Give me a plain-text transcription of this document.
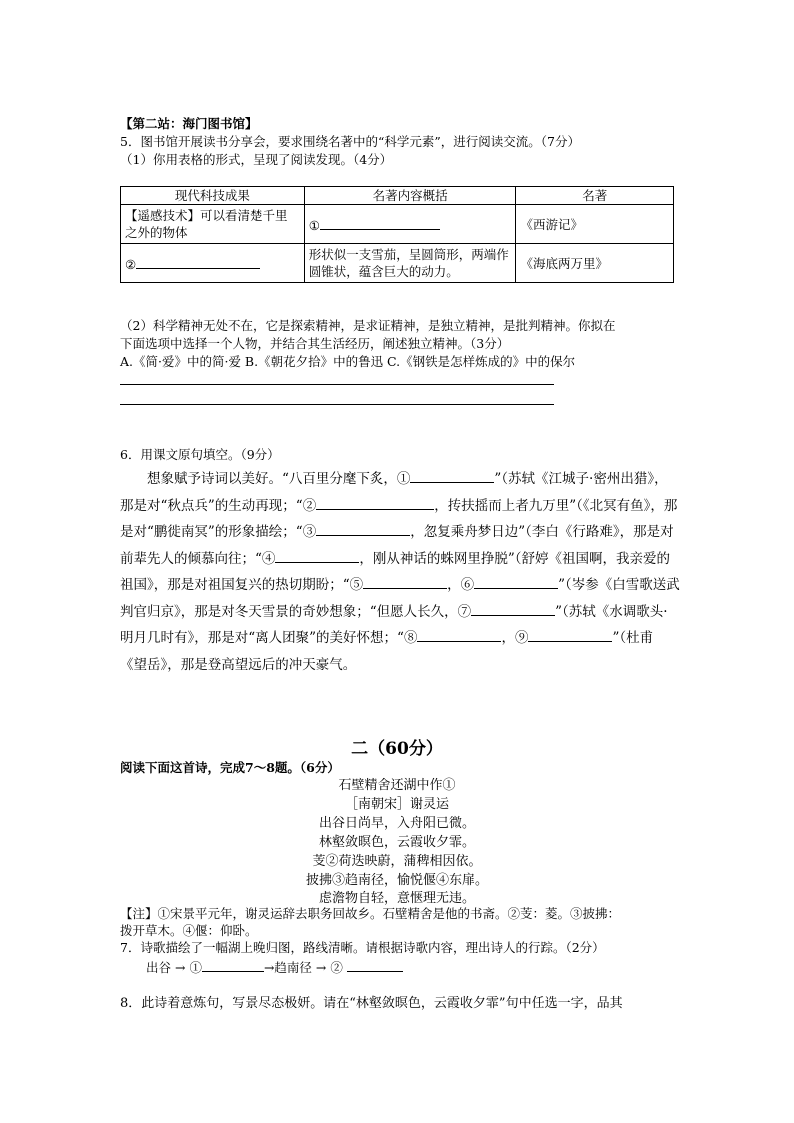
【第二站：海门图书馆】
5．图书馆开展读书分享会，要求围绕名著中的“科学元素”，进行阅读交流。（7分）
（1）你用表格的形式，呈现了阅读发现。（4分）
现代科技成果	名著内容概括	名著
【遥感技术】可以看清楚千里之外的物体	①	《西游记》
②	形状似一支雪茄，呈圆筒形，两端作圆锥状，蕴含巨大的动力。	《海底两万里》
（2）科学精神无处不在，它是探索精神，是求证精神，是独立精神，是批判精神。你拟在
下面选项中选择一个人物，并结合其生活经历，阐述独立精神。（3分）
A.《简·爱》中的简·爱 B.《朝花夕拾》中的鲁迅 C.《钢铁是怎样炼成的》中的保尔
6．用课文原句填空。（9分）
想象赋予诗词以美好。“八百里分麾下炙，①	”（苏轼《江城子·密州出猎》，那是对“秋点兵”的生动再现；“②	，抟扶摇而上者九万里”（《北冥有鱼》，那是对“鹏徙南冥”的形象描绘；“③	，忽复乘舟梦日边”（李白《行路难》，那是对前辈先人的倾慕向往；“④	，刚从神话的蛛网里挣脱”（舒婷《祖国啊，我亲爱的祖国》，那是对祖国复兴的热切期盼；“⑤	，⑥	”（岑参《白雪歌送武判官归京》，那是对冬天雪景的奇妙想象；“但愿人长久，⑦	”（苏轼《水调歌头·明月几时有》，那是对“离人团聚”的美好怀想；“⑧	，⑨	”（杜甫《望岳》，那是登高望远后的冲天豪气。
二（60分）
阅读下面这首诗，完成7～8题。（6分）
石壁精舍还湖中作①
［南朝宋］谢灵运
出谷日尚早，入舟阳已微。
林壑敛暝色，云霞收夕霏。
芰②荷迭映蔚，蒲稗相因依。
披拂③趋南径，愉悦偃④东扉。
虑澹物自轻，意惬理无违。
【注】①宋景平元年，谢灵运辞去职务回故乡。石壁精舍是他的书斋。②芰：菱。③披拂：
拨开草木。④偃：仰卧。
7．诗歌描绘了一幅湖上晚归图，路线清晰。请根据诗歌内容，理出诗人的行踪。（2分）
出谷 → ①	→趋南径 → ②
8．此诗着意炼句，写景尽态极妍。请在“林壑敛暝色，云霞收夕霏”句中任选一字，品其
